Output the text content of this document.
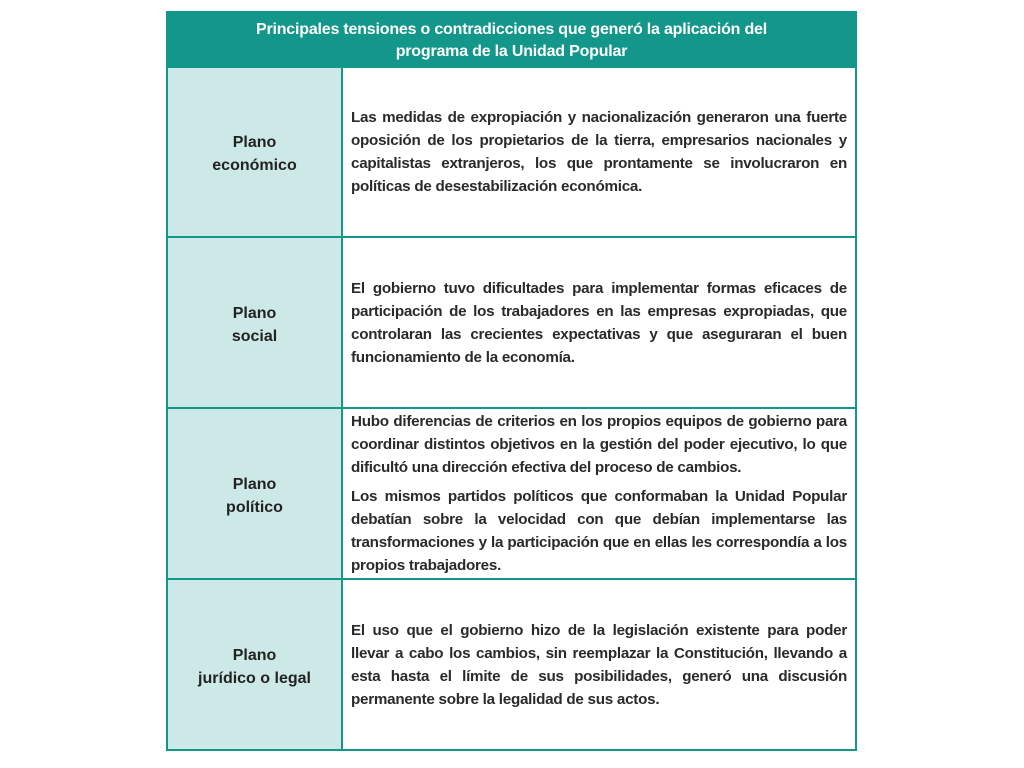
Principales tensiones o contradicciones que generó la aplicación del
programa de la Unidad Popular
Plano
económico

Las medidas de expropiación y nacionalización generaron una fuerte oposición de los propietarios de la tierra, empresarios nacionales y capitalistas extranjeros, los que prontamente se involucraron en políticas de desestabilización económica.

Plano
social

El gobierno tuvo dificultades para implementar formas eficaces de participación de los trabajadores en las empresas expropiadas, que controlaran las crecientes expectativas y que aseguraran el buen funcionamiento de la economía.

Plano
político

Hubo diferencias de criterios en los propios equipos de gobierno para coordinar distintos objetivos en la gestión del poder ejecutivo, lo que dificultó una dirección efectiva del proceso de cambios.

Los mismos partidos políticos que conformaban la Unidad Popular debatían sobre la velocidad con que debían implementarse las transformaciones y la participación que en ellas les correspondía a los propios trabajadores.

Plano
jurídico o legal

El uso que el gobierno hizo de la legislación existente para poder llevar a cabo los cambios, sin reemplazar la Constitución, llevando a esta hasta el límite de sus posibilidades, generó una discusión permanente sobre la legalidad de sus actos.
